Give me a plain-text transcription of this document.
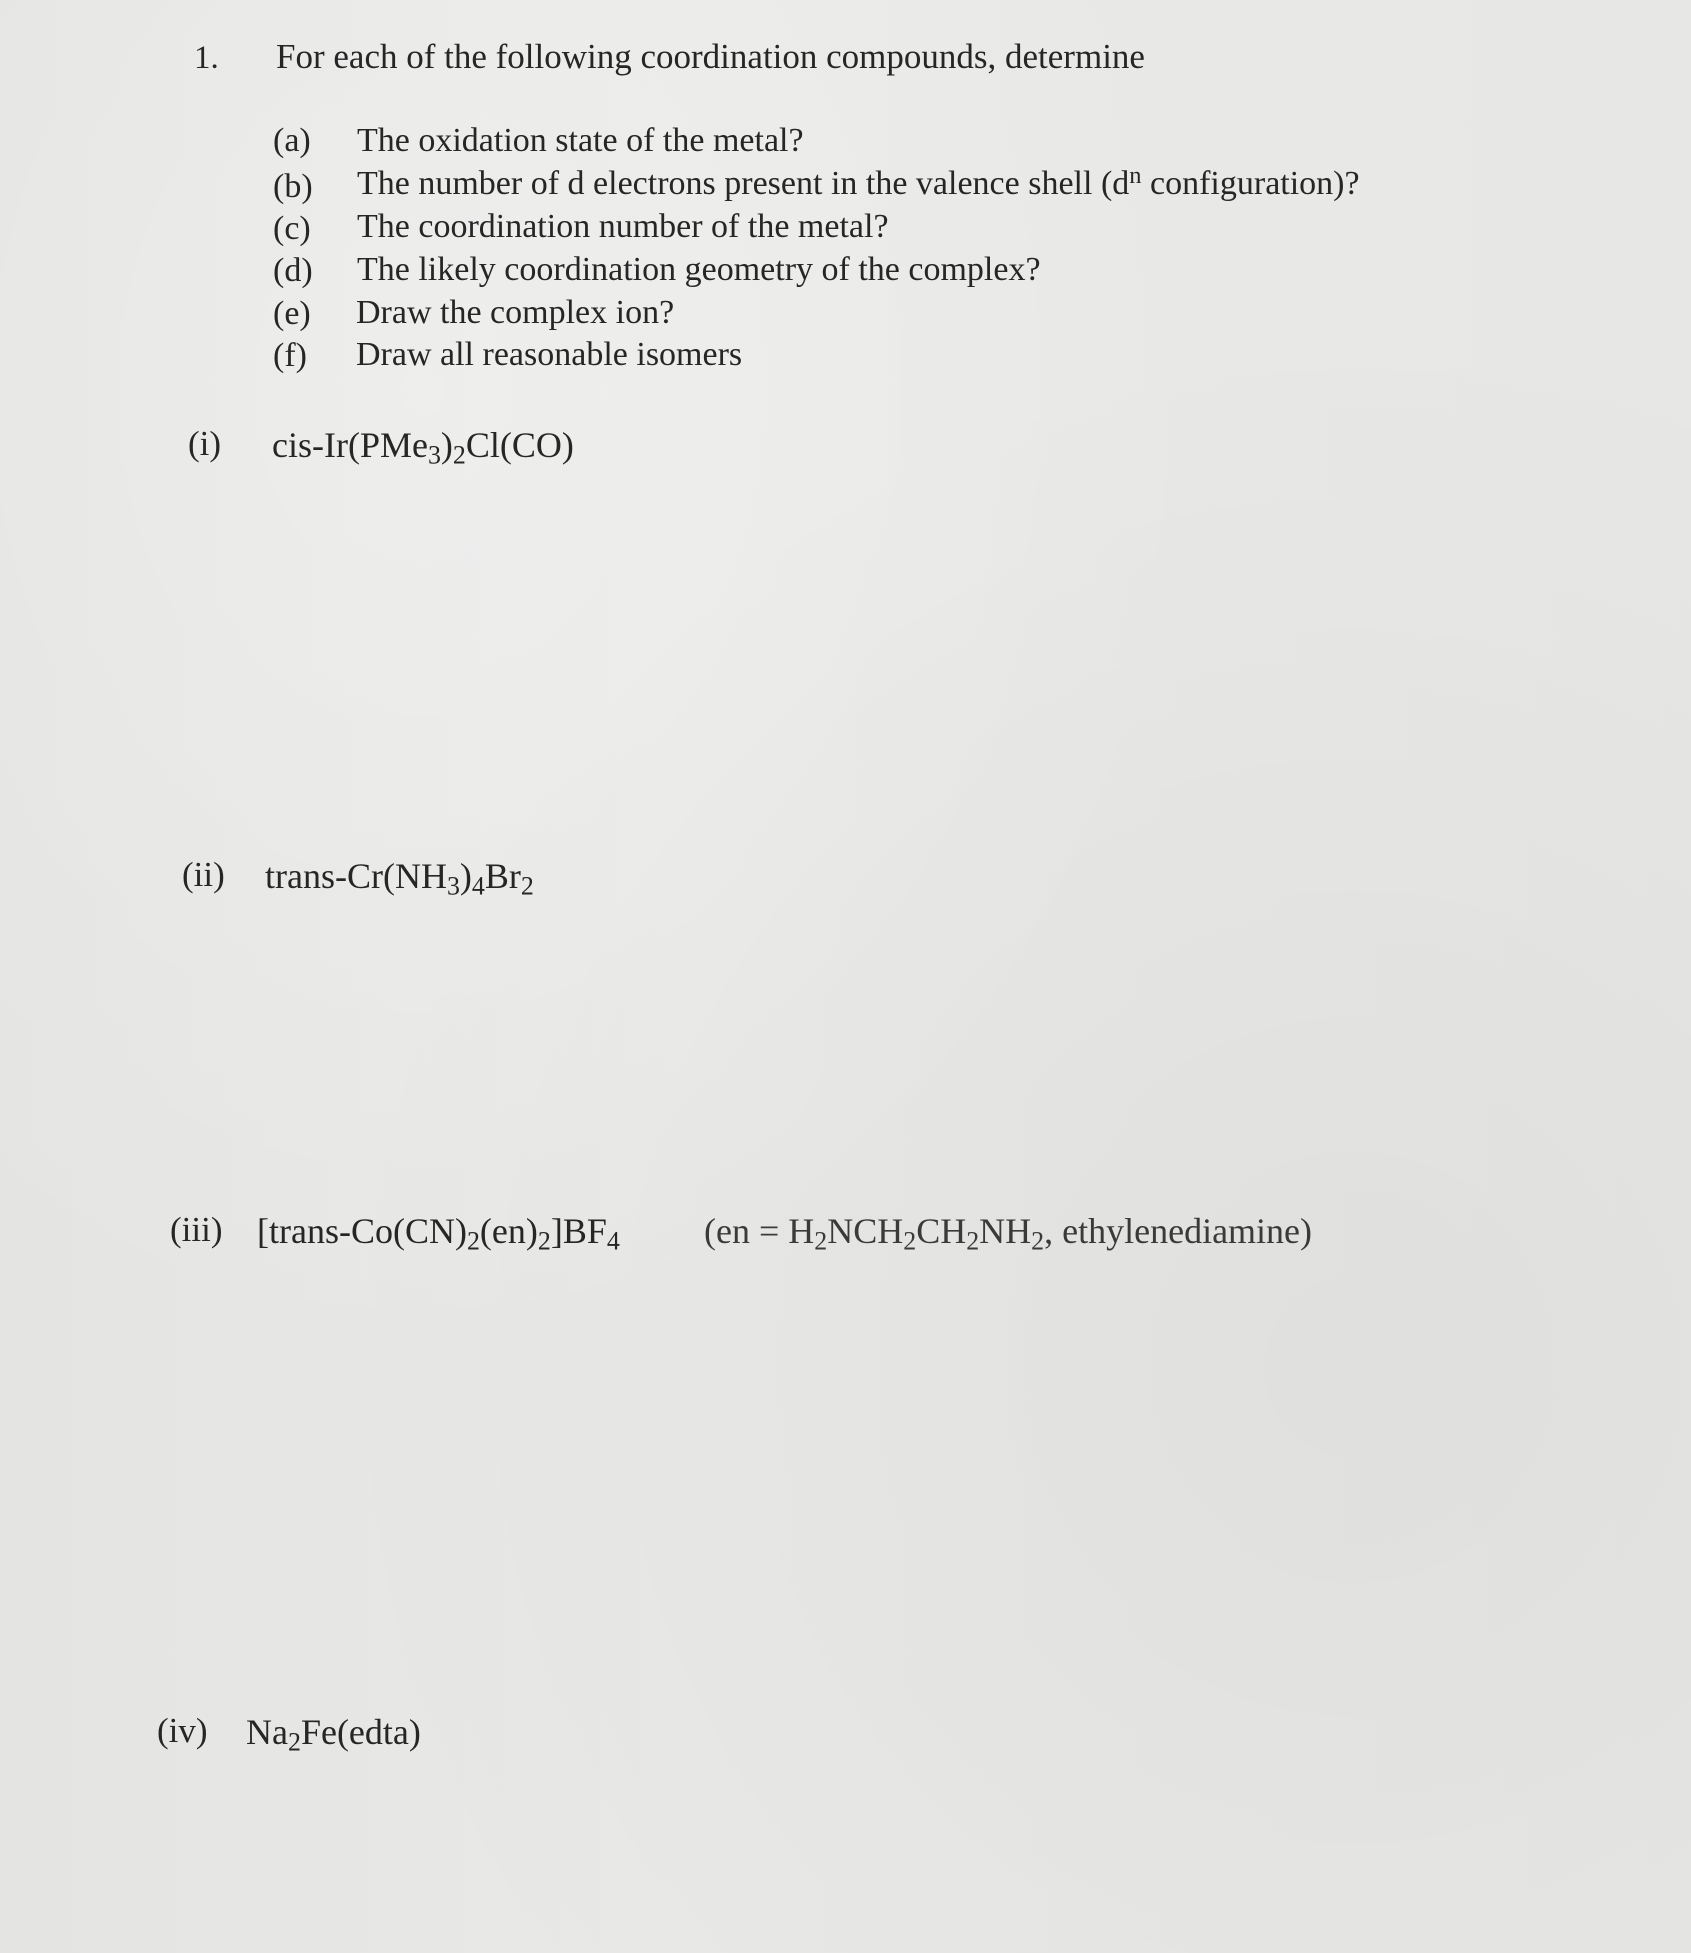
1. For each of the following coordination compounds, determine
(a) The oxidation state of the metal?
(b) The number of d electrons present in the valence shell ($d^n$ configuration)?
(c) The coordination number of the metal?
(d) The likely coordination geometry of the complex?
(e) Draw the complex ion?
(f) Draw all reasonable isomers
(i) cis-$Ir(PMe_3)_2Cl(CO)$
(ii) trans-$Cr(NH_3)_4Br_2$
(iii) $[trans-Co(CN)_2(en)_2]BF_4$ ($en = H_2NCH_2CH_2NH_2$, ethylenediamine)
(iv) $Na_2Fe(edta)$
